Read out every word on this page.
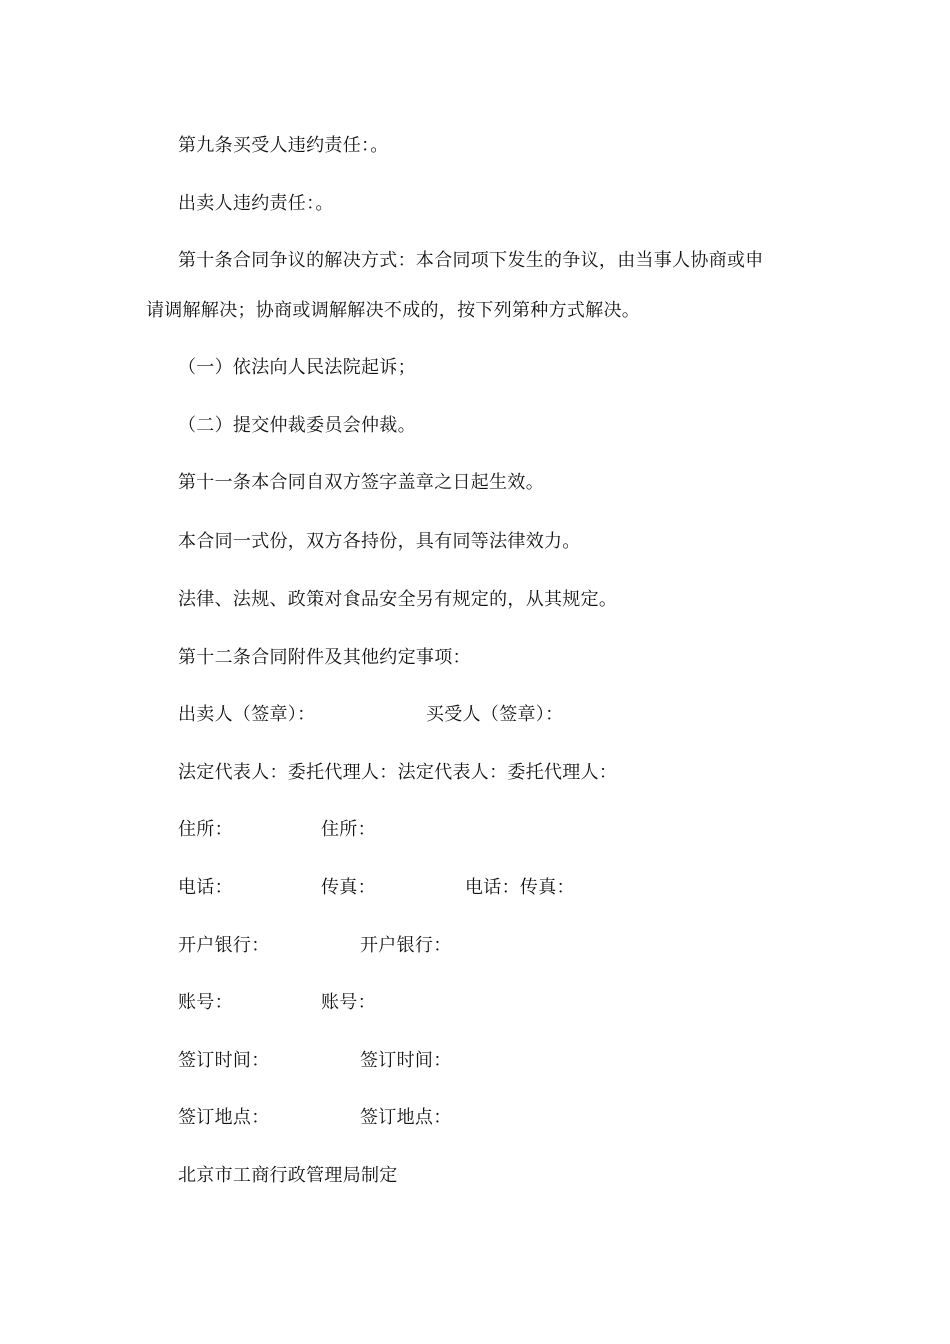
第九条买受人违约责任：。
出卖人违约责任：。
第十条合同争议的解决方式：本合同项下发生的争议，由当事人协商或申
请调解解决；协商或调解解决不成的，按下列第种方式解决。
（一）依法向人民法院起诉；
（二）提交仲裁委员会仲裁。
第十一条本合同自双方签字盖章之日起生效。
本合同一式份，双方各持份，具有同等法律效力。
法律、法规、政策对食品安全另有规定的，从其规定。
第十二条合同附件及其他约定事项：
出卖人（签章）：	买受人（签章）：
法定代表人：委托代理人：法定代表人：委托代理人：
住所：	住所：
电话：	传真：	电话：传真：
开户银行：	开户银行：
账号：	账号：
签订时间：	签订时间：
签订地点：	签订地点：
北京市工商行政管理局制定
